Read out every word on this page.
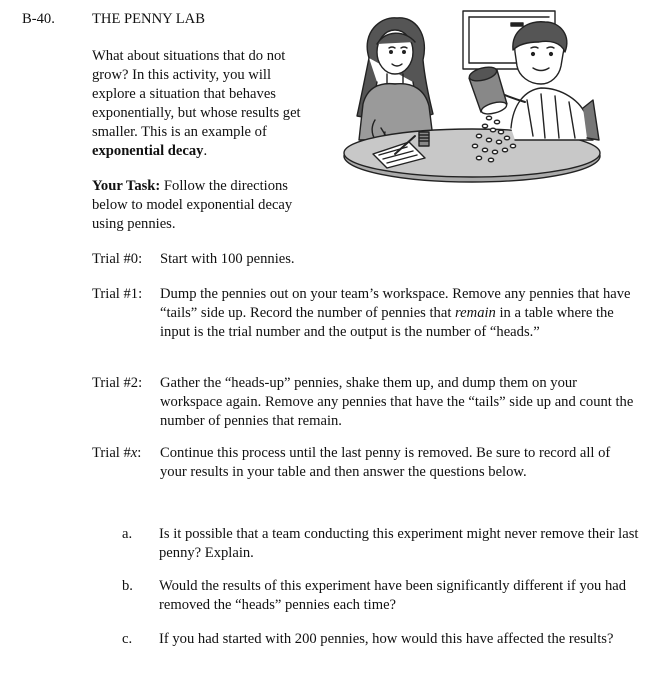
B-40.	THE PENNY LAB
What about situations that do not grow? In this activity, you will explore a situation that behaves exponentially, but whose results get smaller. This is an example of exponential decay.
Your Task: Follow the directions below to model exponential decay using pennies.
Trial #0: Start with 100 pennies.
Trial #1: Dump the pennies out on your team’s workspace. Remove any pennies that have “tails” side up. Record the number of pennies that remain in a table where the input is the trial number and the output is the number of “heads.”
Trial #2: Gather the “heads-up” pennies, shake them up, and dump them on your workspace again. Remove any pennies that have the “tails” side up and count the number of pennies that remain.
Trial #x: Continue this process until the last penny is removed. Be sure to record all of your results in your table and then answer the questions below.
a. Is it possible that a team conducting this experiment might never remove their last penny? Explain.
b. Would the results of this experiment have been significantly different if you had removed the “heads” pennies each time?
c. If you had started with 200 pennies, how would this have affected the results?
